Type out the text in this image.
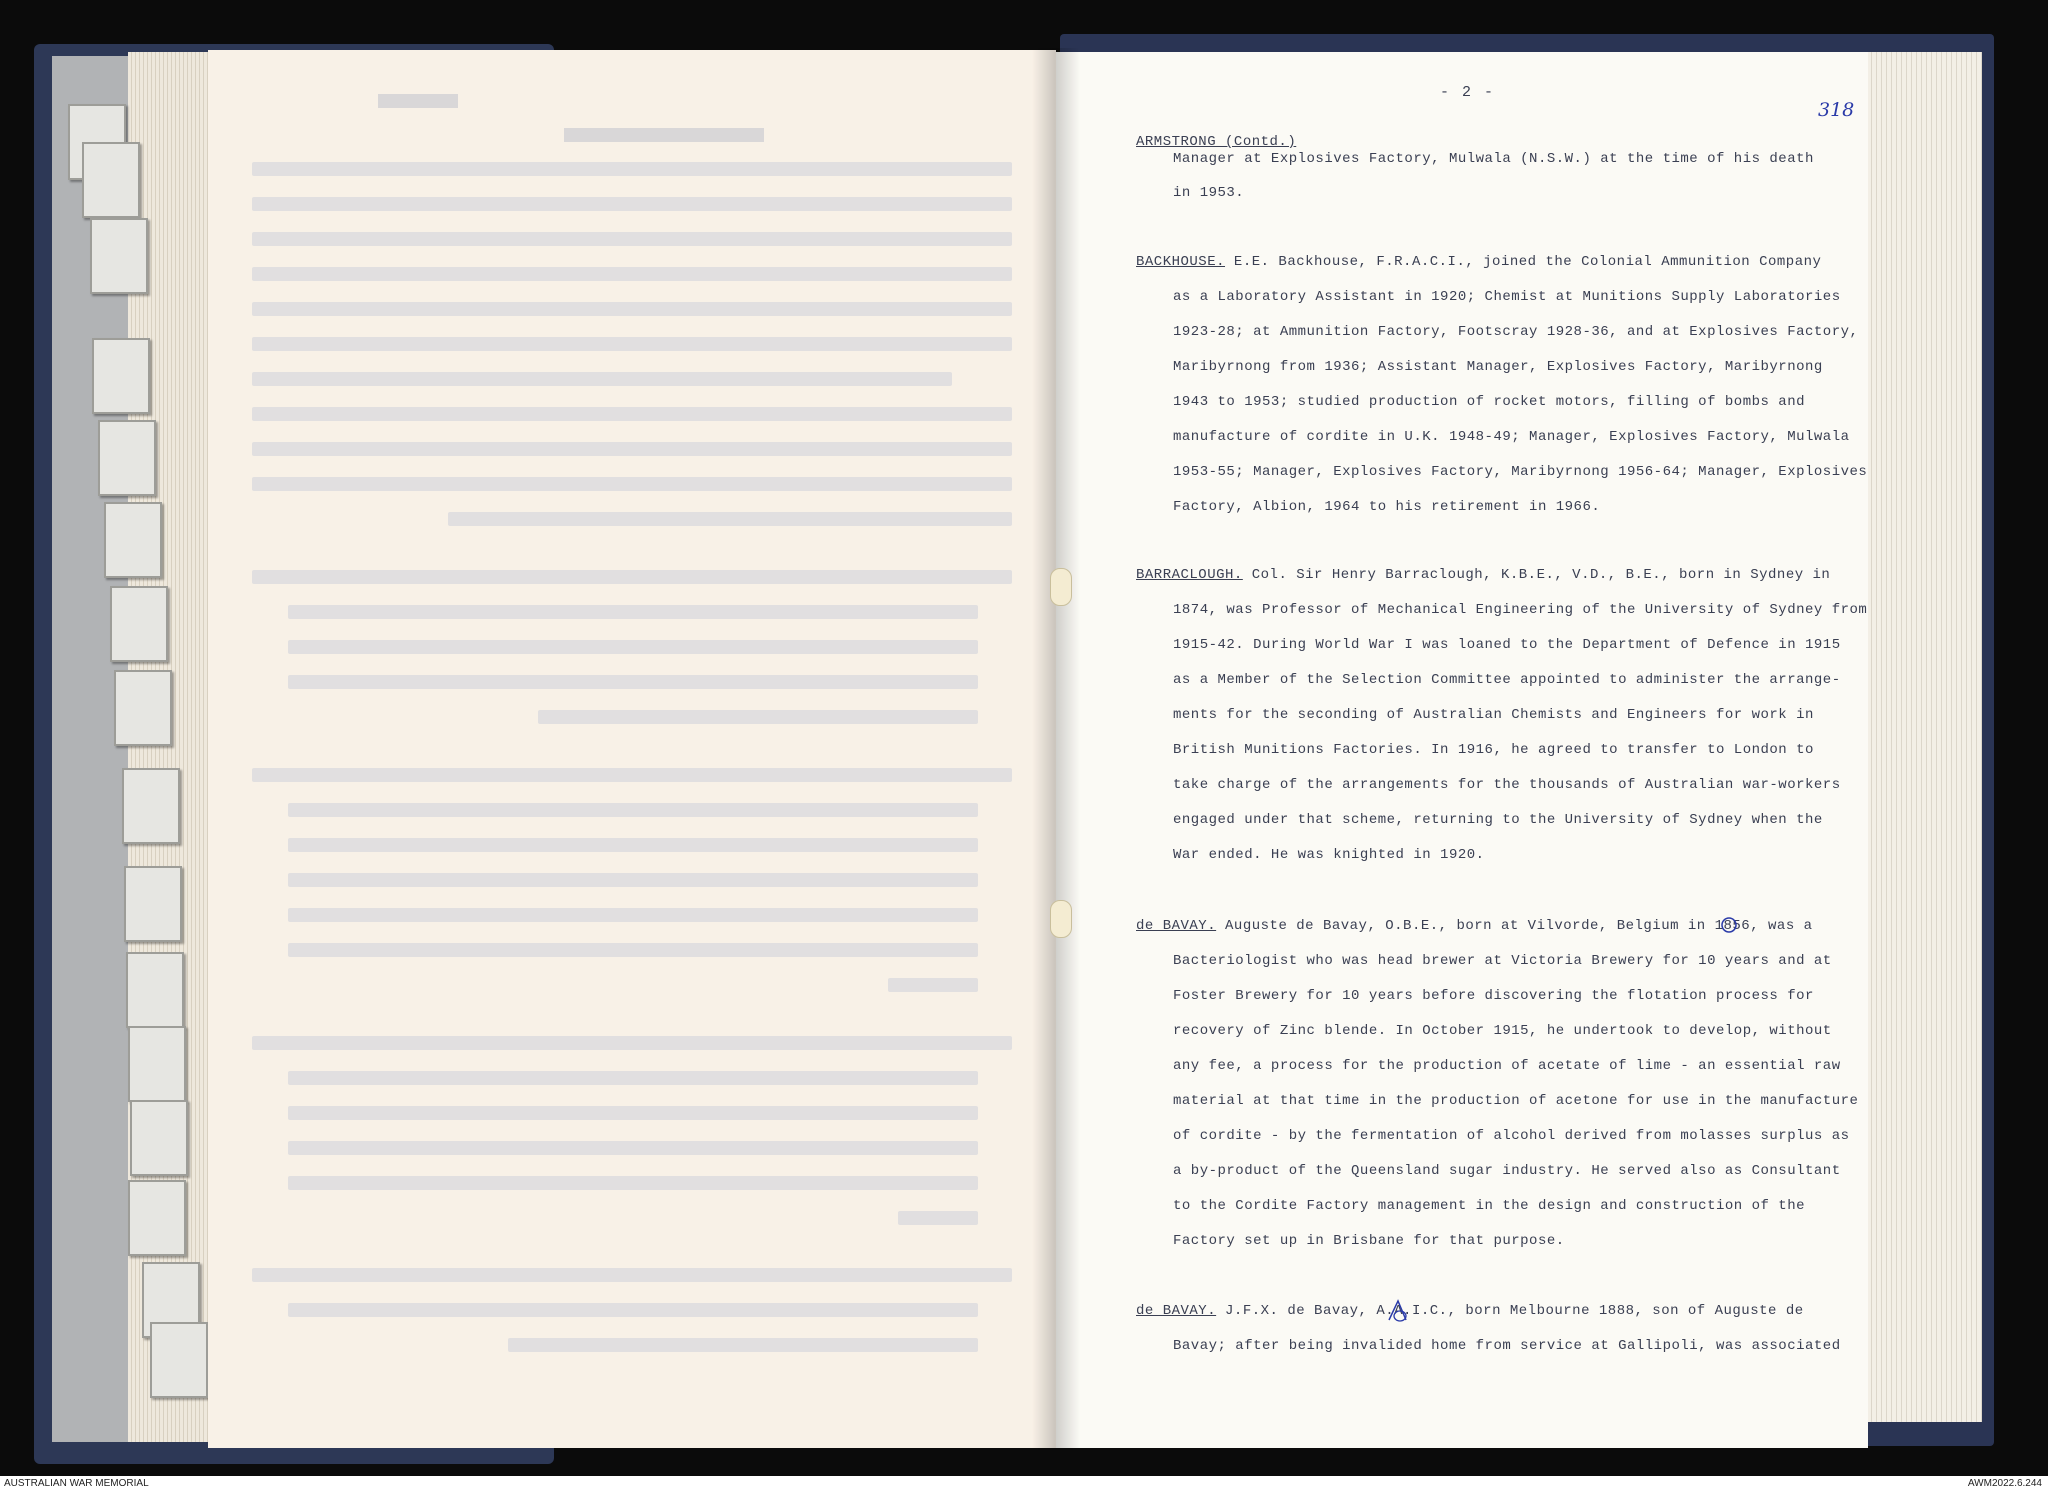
- 2 -
318
ARMSTRONG (Contd.)
Manager at Explosives Factory, Mulwala (N.S.W.) at the time of his death
in 1953.
BACKHOUSE. E.E. Backhouse, F.R.A.C.I., joined the Colonial Ammunition Company
as a Laboratory Assistant in 1920; Chemist at Munitions Supply Laboratories
1923-28; at Ammunition Factory, Footscray 1928-36, and at Explosives Factory,
Maribyrnong from 1936; Assistant Manager, Explosives Factory, Maribyrnong
1943 to 1953; studied production of rocket motors, filling of bombs and
manufacture of cordite in U.K. 1948-49; Manager, Explosives Factory, Mulwala
1953-55; Manager, Explosives Factory, Maribyrnong 1956-64; Manager, Explosives
Factory, Albion, 1964 to his retirement in 1966.
BARRACLOUGH. Col. Sir Henry Barraclough, K.B.E., V.D., B.E., born in Sydney in
1874, was Professor of Mechanical Engineering of the University of Sydney from
1915-42. During World War I was loaned to the Department of Defence in 1915
as a Member of the Selection Committee appointed to administer the arrange-
ments for the seconding of Australian Chemists and Engineers for work in
British Munitions Factories. In 1916, he agreed to transfer to London to
take charge of the arrangements for the thousands of Australian war-workers
engaged under that scheme, returning to the University of Sydney when the
War ended. He was knighted in 1920.
de BAVAY. Auguste de Bavay, O.B.E., born at Vilvorde, Belgium in 1856, was a
Bacteriologist who was head brewer at Victoria Brewery for 10 years and at
Foster Brewery for 10 years before discovering the flotation process for
recovery of Zinc blende. In October 1915, he undertook to develop, without
any fee, a process for the production of acetate of lime - an essential raw
material at that time in the production of acetone for use in the manufacture
of cordite - by the fermentation of alcohol derived from molasses surplus as
a by-product of the Queensland sugar industry. He served also as Consultant
to the Cordite Factory management in the design and construction of the
Factory set up in Brisbane for that purpose.
de BAVAY. J.F.X. de Bavay, A.A.I.C., born Melbourne 1888, son of Auguste de
Bavay; after being invalided home from service at Gallipoli, was associated
AUSTRALIAN WAR MEMORIAL	AWM2022.6.244
